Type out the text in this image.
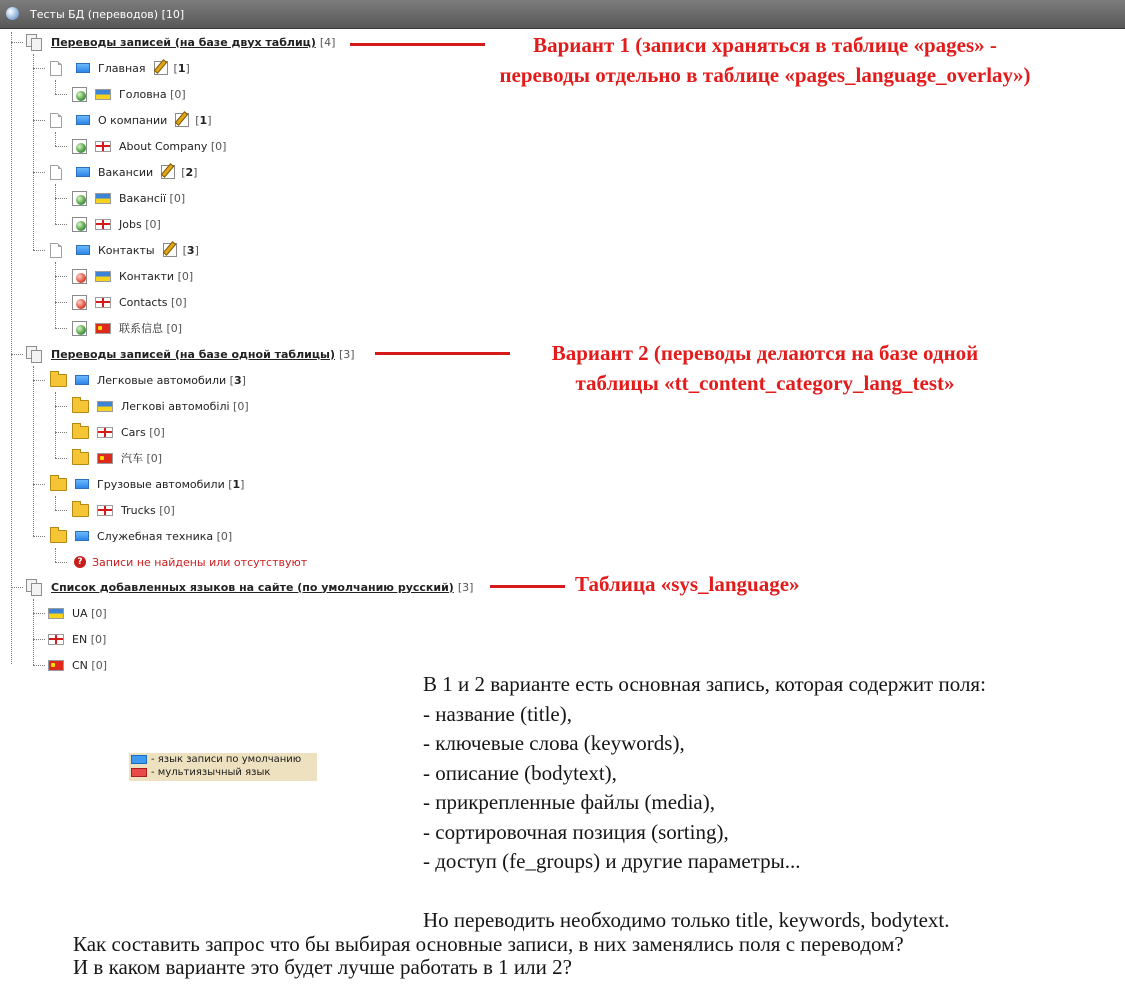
Тесты БД (переводов) [10]
Переводы записей (на базе двух таблиц) [4]
Главная	[1]
Головна
[0]
О компании	[1]
About Company
[0]
Вакансии	[2]
Вакансії
[0]
Jobs
[0]
Контакты	[3]
Контакти
[0]
Contacts
[0]
联系信息
[0]
Переводы записей (на базе одной таблицы) [3]
Легковые автомобили
[3]
Легкові автомобілі
[0]
Cars
[0]
汽车
[0]
Грузовые автомобили
[1]
Trucks
[0]
Служебная техника
[0]
? Записи не найдены или отсутствуют
Список добавленных языков на сайте (по умолчанию русский) [3]
UA
[0]
EN
[0]
CN
[0]
Вариант 1 (записи храняться в таблице «pages» -
переводы отдельно в таблице «pages_language_overlay»)
Вариант 2 (переводы делаются на базе одной
таблицы «tt_content_category_lang_test»
Таблица «sys_language»
- язык записи по умолчанию
- мультиязычный язык
В 1 и 2 варианте есть основная запись, которая содержит поля:
- название (title),
- ключевые слова (keywords),
- описание (bodytext),
- прикрепленные файлы (media),
- сортировочная позиция (sorting),
- доступ (fe_groups) и другие параметры...
Но переводить необходимо только title, keywords, bodytext.
Как составить запрос что бы выбирая основные записи, в них заменялись поля с переводом?
И в каком варианте это будет лучше работать в 1 или 2?
